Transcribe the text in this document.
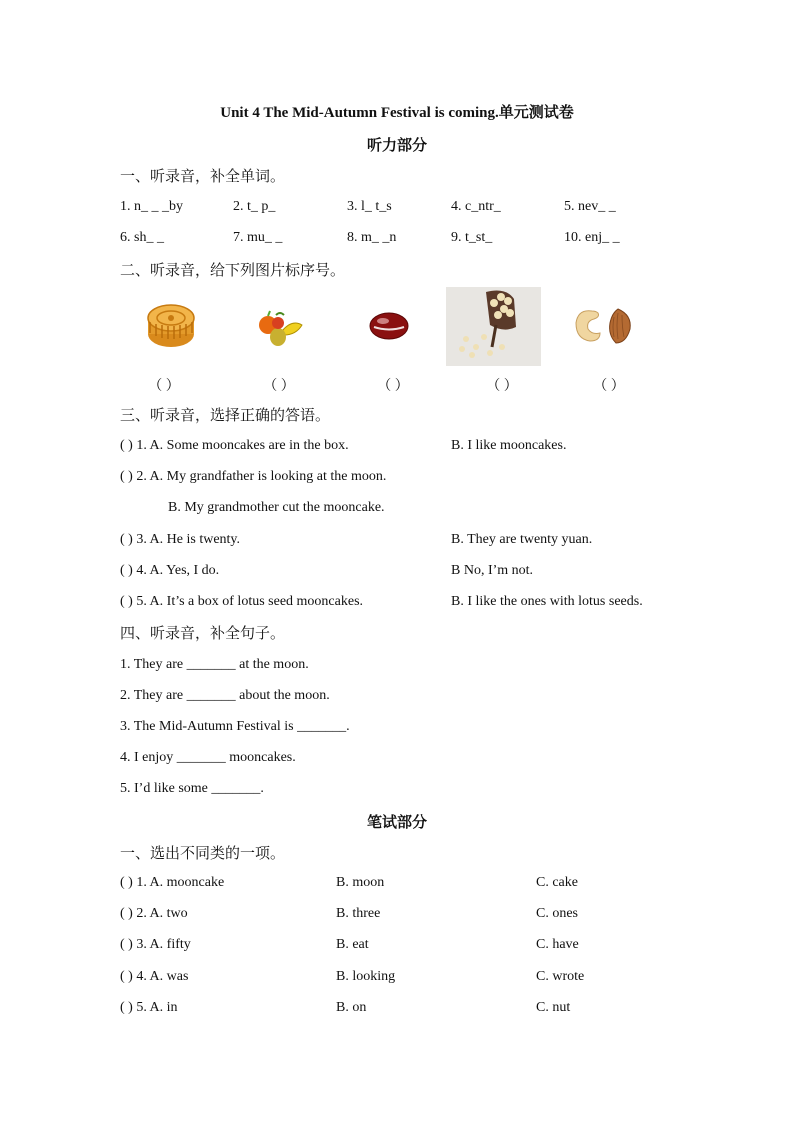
Unit 4 The Mid-Autumn Festival is coming.单元测试卷
听力部分
一、听录音，补全单词。
1. n_ _ _by	2. t_ p_	3. l_ t_s	4. c_ntr_	5. nev_ _
6. sh_ _	7. mu_ _	8. m_ _n	9. t_st_	10. enj_ _
二、听录音，给下列图片标序号。
（ ）	（ ）	（ ）	（ ）	（ ）
三、听录音，选择正确的答语。
( ) 1. A. Some mooncakes are in the box.	B. I like mooncakes.
( ) 2. A. My grandfather is looking at the moon.
B. My grandmother cut the mooncake.
( ) 3. A. He is twenty.	B. They are twenty yuan.
( ) 4. A. Yes, I do.	B No, I’m not.
( ) 5. A. It’s a box of lotus seed mooncakes.	B. I like the ones with lotus seeds.
四、听录音，补全句子。
1. They are _______ at the moon.
2. They are _______ about the moon.
3. The Mid-Autumn Festival is _______.
4. I enjoy _______ mooncakes.
5. I’d like some _______.
笔试部分
一、选出不同类的一项。
( ) 1. A. mooncake	B. moon	C. cake
( ) 2. A. two	B. three	C. ones
( ) 3. A. fifty	B. eat	C. have
( ) 4. A. was	B. looking	C. wrote
( ) 5. A. in	B. on	C. nut
